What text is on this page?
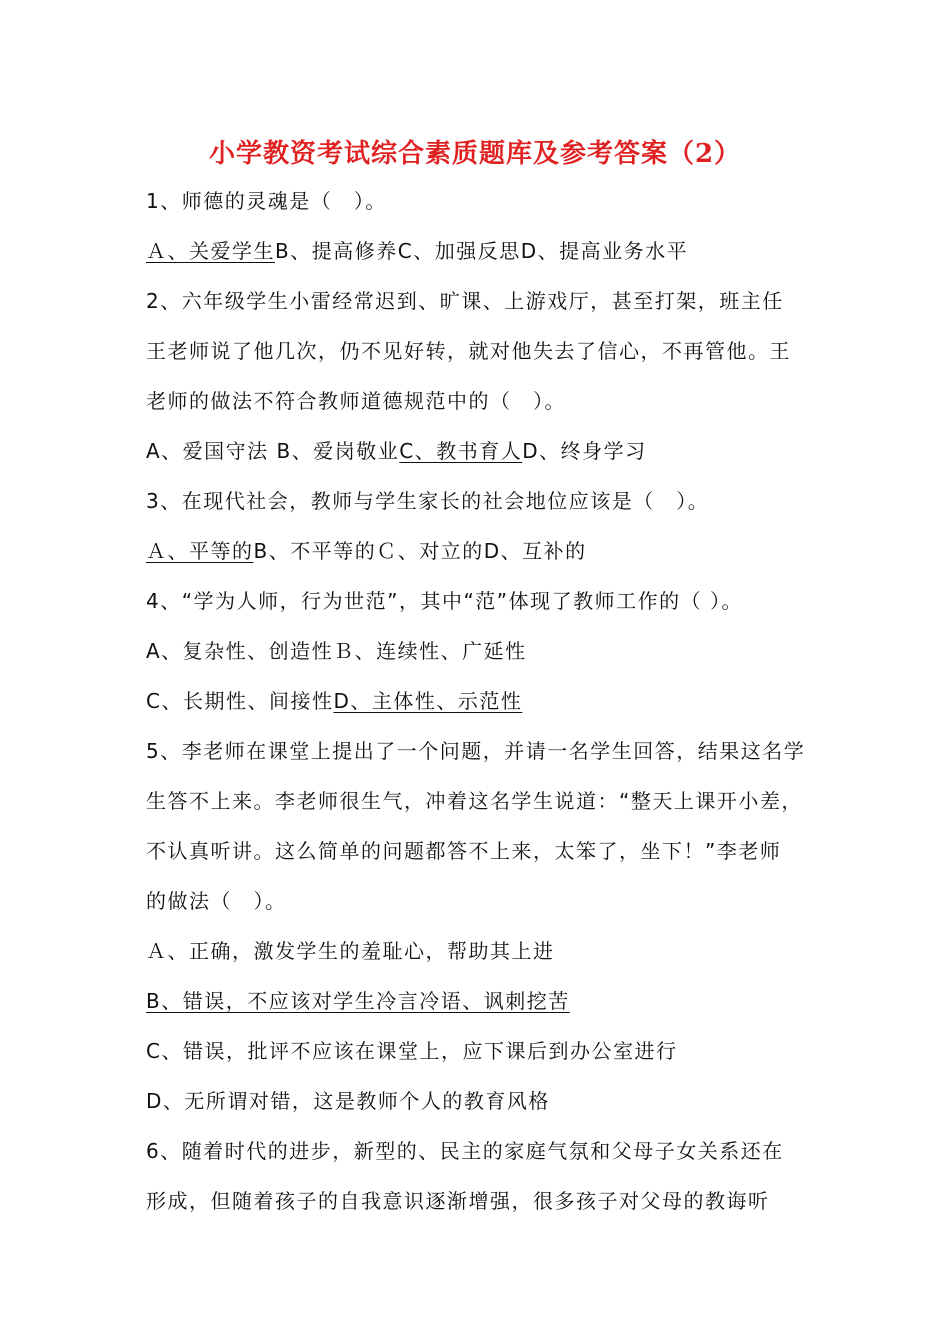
小学教资考试综合素质题库及参考答案（2）
1、师德的灵魂是（　）。
Ａ、关爱学生B、提高修养C、加强反思D、提高业务水平
2、六年级学生小雷经常迟到、旷课、上游戏厅，甚至打架，班主任
王老师说了他几次，仍不见好转，就对他失去了信心，不再管他。王
老师的做法不符合教师道德规范中的（　）。
A、爱国守法 B、爱岗敬业C、教书育人D、终身学习
3、在现代社会，教师与学生家长的社会地位应该是（　）。
Ａ、平等的B、不平等的Ｃ、对立的D、互补的
4、“学为人师，行为世范”，其中“范”体现了教师工作的（ ）。
A、复杂性、创造性Ｂ、连续性、广延性
C、长期性、间接性D、主体性、示范性
5、李老师在课堂上提出了一个问题，并请一名学生回答，结果这名学
生答不上来。李老师很生气，冲着这名学生说道：“整天上课开小差，
不认真听讲。这么简单的问题都答不上来，太笨了，坐下！”李老师
的做法（　）。
Ａ、正确，激发学生的羞耻心，帮助其上进
B、错误，不应该对学生冷言冷语、讽刺挖苦
C、错误，批评不应该在课堂上，应下课后到办公室进行
D、无所谓对错，这是教师个人的教育风格
6、随着时代的进步，新型的、民主的家庭气氛和父母子女关系还在
形成，但随着孩子的自我意识逐渐增强，很多孩子对父母的教诲听
